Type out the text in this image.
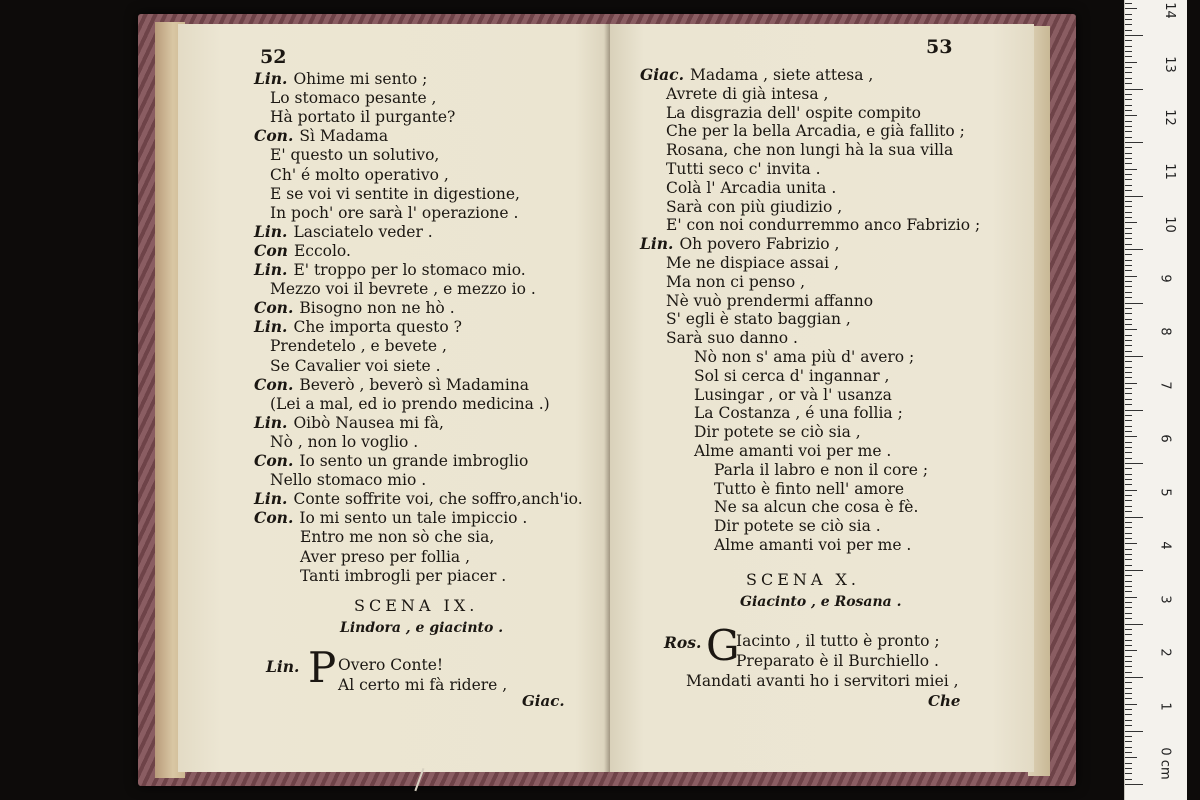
52
Lin. Ohime mi sento ;
Lo stomaco pesante ,
Hà portato il purgante?
Con. Sì Madama
E' questo un solutivo,
Ch' é molto operativo ,
E se voi vi sentite in digestione,
In poch' ore sarà l' operazione .
Lin. Lasciatelo veder .
Con Eccolo.
Lin. E' troppo per lo stomaco mio.
Mezzo voi il bevrete , e mezzo io .
Con. Bisogno non ne hò .
Lin. Che importa questo ?
Prendetelo , e bevete ,
Se Cavalier voi siete .
Con. Beverò , beverò sì Madamina
(Lei a mal, ed io prendo medicina .)
Lin. Oibò Nausea mi fà,
Nò , non lo voglio .
Con. Io sento un grande imbroglio
Nello stomaco mio .
Lin. Conte soffrite voi, che soffro,anch'io.
Con. Io mi sento un tale impiccio .
Entro me non sò che sia,
Aver preso per follia ,
Tanti imbrogli per piacer .
SCENA IX.
Lindora , e giacinto .
Lin. P Overo Conte!
Al certo mi fà ridere ,
Giac.
53
Giac. Madama , siete attesa ,
Avrete di già intesa ,
La disgrazia dell' ospite compito
Che per la bella Arcadia, e già fallito ;
Rosana, che non lungi hà la sua villa
Tutti seco c' invita .
Colà l' Arcadia unita .
Sarà con più giudizio ,
E' con noi condurremmo anco Fabrizio ;
Lin. Oh povero Fabrizio ,
Me ne dispiace assai ,
Ma non ci penso ,
Nè vuò prendermi affanno
S' egli è stato baggian ,
Sarà suo danno .
Nò non s' ama più d' avero ;
Sol si cerca d' ingannar ,
Lusingar , or và l' usanza
La Costanza , é una follia ;
Dir potete se ciò sia ,
Alme amanti voi per me .
Parla il labro e non il core ;
Tutto è finto nell' amore
Ne sa alcun che cosa è fè.
Dir potete se ciò sia .
Alme amanti voi per me .
SCENA X.
Giacinto , e Rosana .
Ros. G
Iacinto , il tutto è pronto ;
Preparato è il Burchiello .
Mandati avanti ho i servitori miei ,
Che
0 cm
1
2
3
4
5
6
7
8
9
10
11
12
13
14
